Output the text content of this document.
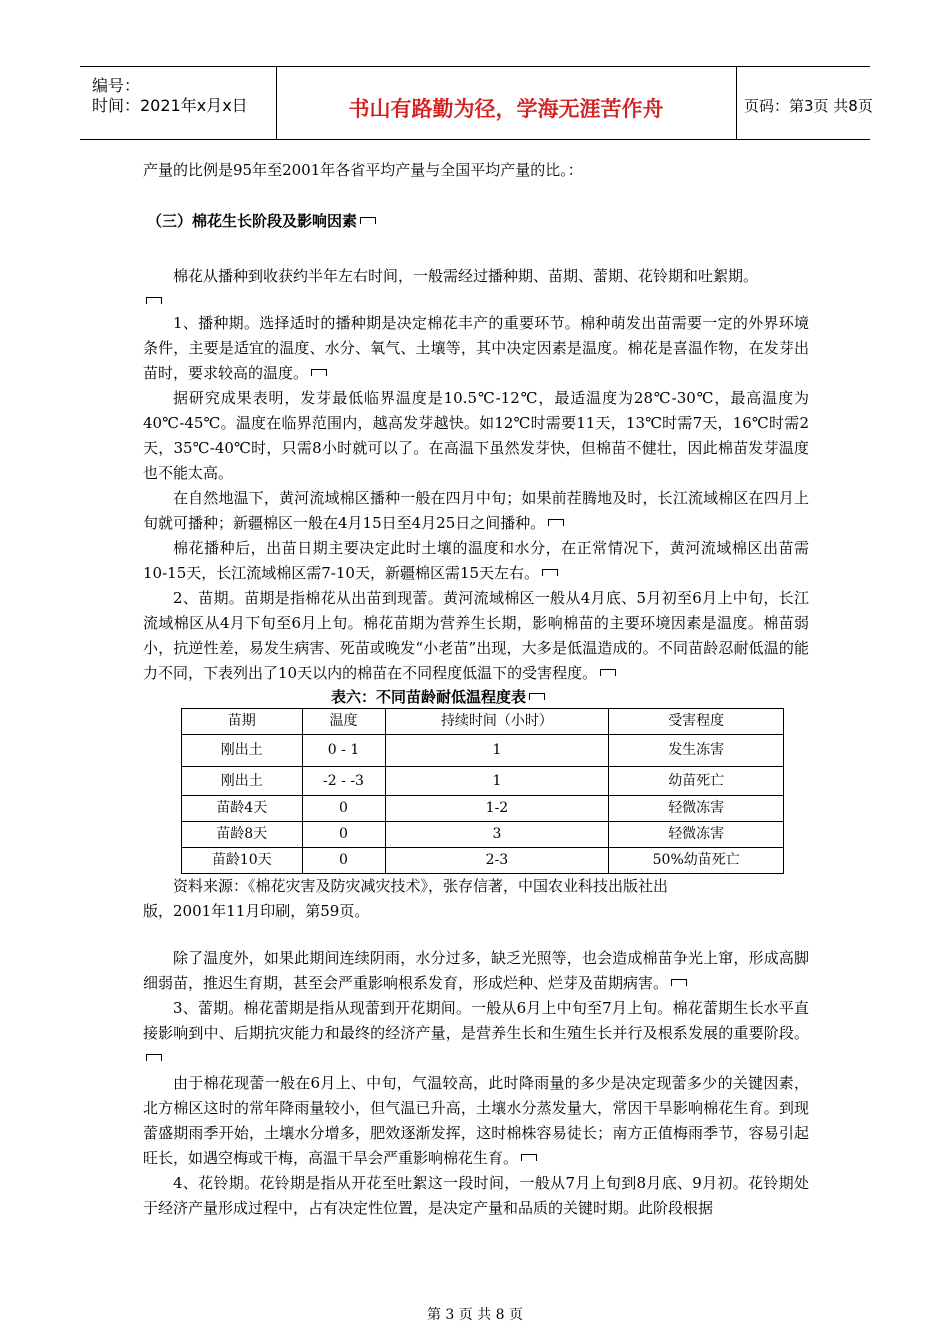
编号：
时间：2021年x月x日	书山有路勤为径，学海无涯苦作舟	页码：第3页 共8页

产量的比例是95年至2001年各省平均产量与全国平均产量的比。：

（三）棉花生长阶段及影响因素

棉花从播种到收获约半年左右时间，一般需经过播种期、苗期、蕾期、花铃期和吐絮期。

1、播种期。选择适时的播种期是决定棉花丰产的重要环节。棉种萌发出苗需要一定的外界环境条件，主要是适宜的温度、水分、氧气、土壤等，其中决定因素是温度。棉花是喜温作物，在发芽出苗时，要求较高的温度。

据研究成果表明，发芽最低临界温度是10.5℃-12℃，最适温度为28℃-30℃，最高温度为40℃-45℃。温度在临界范围内，越高发芽越快。如12℃时需要11天，13℃时需7天，16℃时需2天，35℃-40℃时，只需8小时就可以了。在高温下虽然发芽快，但棉苗不健壮，因此棉苗发芽温度也不能太高。

在自然地温下，黄河流域棉区播种一般在四月中旬；如果前茬腾地及时，长江流域棉区在四月上旬就可播种；新疆棉区一般在4月15日至4月25日之间播种。

棉花播种后，出苗日期主要决定此时土壤的温度和水分，在正常情况下，黄河流域棉区出苗需10-15天，长江流域棉区需7-10天，新疆棉区需15天左右。

2、苗期。苗期是指棉花从出苗到现蕾。黄河流域棉区一般从4月底、5月初至6月上中旬，长江流域棉区从4月下旬至6月上旬。棉花苗期为营养生长期，影响棉苗的主要环境因素是温度。棉苗弱小，抗逆性差，易发生病害、死苗或晚发“小老苗”出现，大多是低温造成的。不同苗龄忍耐低温的能力不同，下表列出了10天以内的棉苗在不同程度低温下的受害程度。

表六：不同苗龄耐低温程度表
苗期	温度	持续时间（小时）	受害程度
刚出土	0 - 1	1	发生冻害
刚出土	-2 - -3	1	幼苗死亡
苗龄4天	0	1-2	轻微冻害
苗龄8天	0	3	轻微冻害
苗龄10天	0	2-3	50%幼苗死亡

资料来源：《棉花灾害及防灾减灾技术》，张存信著，中国农业科技出版社出

版，2001年11月印刷，第59页。

除了温度外，如果此期间连续阴雨，水分过多，缺乏光照等，也会造成棉苗争光上窜，形成高脚细弱苗，推迟生育期，甚至会严重影响根系发育，形成烂种、烂芽及苗期病害。

3、蕾期。棉花蕾期是指从现蕾到开花期间。一般从6月上中旬至7月上旬。棉花蕾期生长水平直接影响到中、后期抗灾能力和最终的经济产量，是营养生长和生殖生长并行及根系发展的重要阶段。

由于棉花现蕾一般在6月上、中旬，气温较高，此时降雨量的多少是决定现蕾多少的关键因素，北方棉区这时的常年降雨量较小，但气温已升高，土壤水分蒸发量大，常因干旱影响棉花生育。到现蕾盛期雨季开始，土壤水分增多，肥效逐渐发挥，这时棉株容易徒长；南方正值梅雨季节，容易引起旺长，如遇空梅或干梅，高温干旱会严重影响棉花生育。

4、花铃期。花铃期是指从开花至吐絮这一段时间，一般从7月上旬到8月底、9月初。花铃期处于经济产量形成过程中，占有决定性位置，是决定产量和品质的关键时期。此阶段根据

第 3 页 共 8 页
